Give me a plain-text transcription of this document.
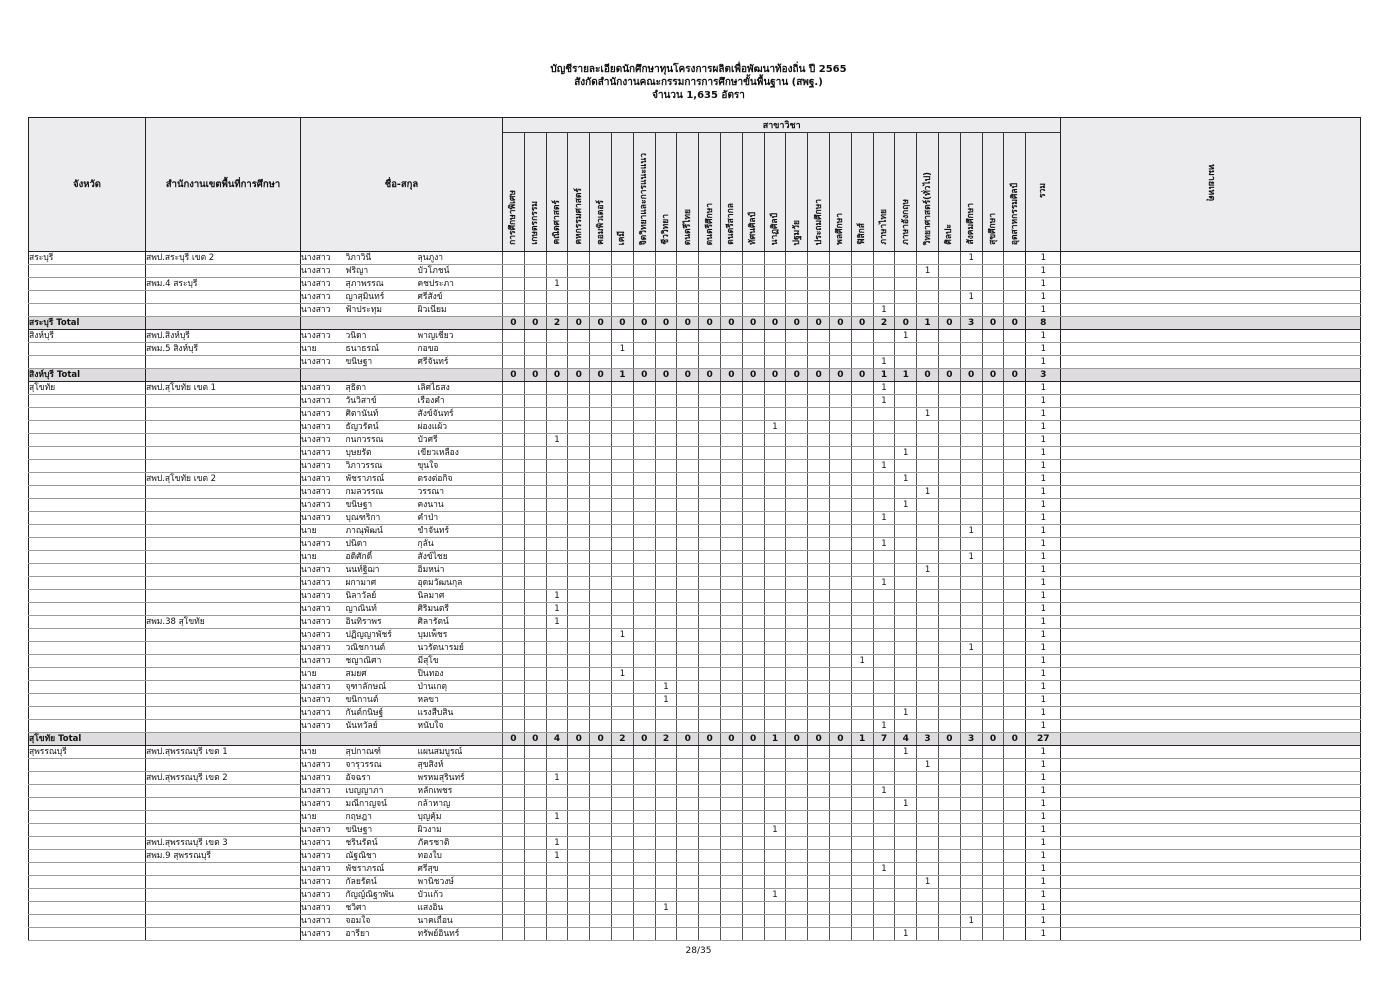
บัญชีรายละเอียดนักศึกษาทุนโครงการผลิตเพื่อพัฒนาท้องถิ่น ปี 2565
สังกัดสำนักงานคณะกรรมการการศึกษาขั้นพื้นฐาน (สพฐ.)
จำนวน 1,635 อัตรา
จังหวัด	สำนักงานเขตพื้นที่การศึกษา	ชื่อ-สกุล			สาขาวิชา																									หมายเหตุ
					การศึกษาพิเศษ	เกษตรกรรม	คณิตศาสตร์	คหกรรมศาสตร์	คอมพิวเตอร์	เคมี	จิตวิทยาและการแนะแนว	ชีววิทยา	ดนตรีไทย	ดนตรีศึกษา	ดนตรีสากล	ทัศนศิลป์	นาฏศิลป์	ปฐมวัย	ประถมศึกษา	พลศึกษา	ฟิสิกส์	ภาษาไทย	ภาษาอังกฤษ	วิทยาศาสตร์(ทั่วไป)	ศิลปะ	สังคมศึกษา	สุขศึกษา	อุตสาหกรรมศิลป์	รวม	
สระบุรี	สพป.สระบุรี เขต 2	นางสาว	วิภาวินี	ลุนภูงา																						1			1	
		นางสาว	ฟริญา	บัวโภชน์																				1					1	
	สพม.4 สระบุรี	นางสาว	สุภาพรรณ	คชประภา			1																						1	
		นางสาว	ญาสุมินทร์	ศรีสังข์																						1			1	
		นางสาว	ฟ้าประทุม	ผิวเนียม																		1							1	
สระบุรี Total					0	0	2	0	0	0	0	0	0	0	0	0	0	0	0	0	0	2	0	1	0	3	0	0	8	
สิงห์บุรี	สพป.สิงห์บุรี	นางสาว	วนิดา	พาญเชียว																			1						1	
	สพม.5 สิงห์บุรี	นาย	ธนาธรณ์	กอขอ						1																			1	
		นางสาว	ขนิษฐา	ศรีจันทร์																		1							1	
สิงห์บุรี Total					0	0	0	0	0	1	0	0	0	0	0	0	0	0	0	0	0	1	1	0	0	0	0	0	3	
สุโขทัย	สพป.สุโขทัย เขต 1	นางสาว	สุธิดา	เลิศไธสง																		1							1	
		นางสาว	วันวิสาข์	เรืองคำ																		1							1	
		นางสาว	ศิตานันท์	สังข์จันทร์																				1					1	
		นางสาว	ธัญวรัตน์	ผ่องแผ้ว													1												1	
		นางสาว	กนกวรรณ	บัวศรี			1																						1	
		นางสาว	บุษยรัต	เขียวเหลือง																			1						1	
		นางสาว	วิภาวรรณ	ขุนใจ																		1							1	
	สพป.สุโขทัย เขต 2	นางสาว	พัชราภรณ์	ตรงต่อกิจ																			1						1	
		นางสาว	กมลวรรณ	วรรณา																				1					1	
		นางสาว	ขนิษฐา	คงนาน																			1						1	
		นางสาว	บุณฑริกา	คำป่า																		1							1	
		นาย	ภาณุพัฒน์	ขำจันทร์																						1			1	
		นางสาว	ปนิดา	กุลั่น																		1							1	
		นาย	อดิศักดิ์	สังข์ไชย																						1			1	
		นางสาว	นนท์ฐิฌา	อิ่มหน่า																				1					1	
		นางสาว	ผกามาศ	อุดมวัฒนกุล																		1							1	
		นางสาว	นิลาวัลย์	นิลมาศ			1																						1	
		นางสาว	ญาณินท์	ศิริมนตรี			1																						1	
	สพม.38 สุโขทัย	นางสาว	อินทิราพร	ศิลารัตน์			1																						1	
		นางสาว	ปฏิญญาพัชร์	บุมเพ็ชร						1																			1	
		นางสาว	วณิชกานต์	นวรัตนารมย์																						1			1	
		นางสาว	ชญาณิศา	มีสุโข																	1								1	
		นาย	สมยศ	ปิ่นทอง						1																			1	
		นางสาว	จุฑาลักษณ์	ป่านเกตุ								1																	1	
		นางสาว	ขนิกานต์	หลขา								1																	1	
		นางสาว	กันต์กนิษฐ์	แรงสืบสิน																			1						1	
		นางสาว	นันทวัลย์	หนับใจ																		1							1	
สุโขทัย Total					0	0	4	0	0	2	0	2	0	0	0	0	1	0	0	0	1	7	4	3	0	3	0	0	27	
สุพรรณบุรี	สพป.สุพรรณบุรี เขต 1	นาย	สุปกาณฑ์	แผนสมบูรณ์																			1						1	
		นางสาว	จารุวรรณ	สุขสิงห์																				1					1	
	สพป.สุพรรณบุรี เขต 2	นางสาว	อัจฉรา	พรหมสุรินทร์			1																						1	
		นางสาว	เบญญาภา	หลักเพชร																		1							1	
		นางสาว	มณีกาญจน์	กล้าหาญ																			1						1	
		นาย	กฤษฎา	บุญคุ้ม			1																						1	
		นางสาว	ขนิษฐา	ผิวงาม													1												1	
	สพป.สุพรรณบุรี เขต 3	นางสาว	ชรินรัตน์	ภัครชาติ			1																						1	
	สพม.9 สุพรรณบุรี	นางสาว	ณัฐณิชา	ทองใบ			1																						1	
		นางสาว	พัชราภรณ์	ศรีสุข																		1							1	
		นางสาว	กัลยรัตน์	พานิชวงษ์																				1					1	
		นางสาว	กัญญ์ณิฐาพัน	บัวแก้ว													1												1	
		นางสาว	ชวิศา	แสงอิน								1																	1	
		นางสาว	จอมใจ	นาคเถื่อน																						1			1	
		นางสาว	อารียา	ทรัพย์อินทร์																			1						1	
28/35
